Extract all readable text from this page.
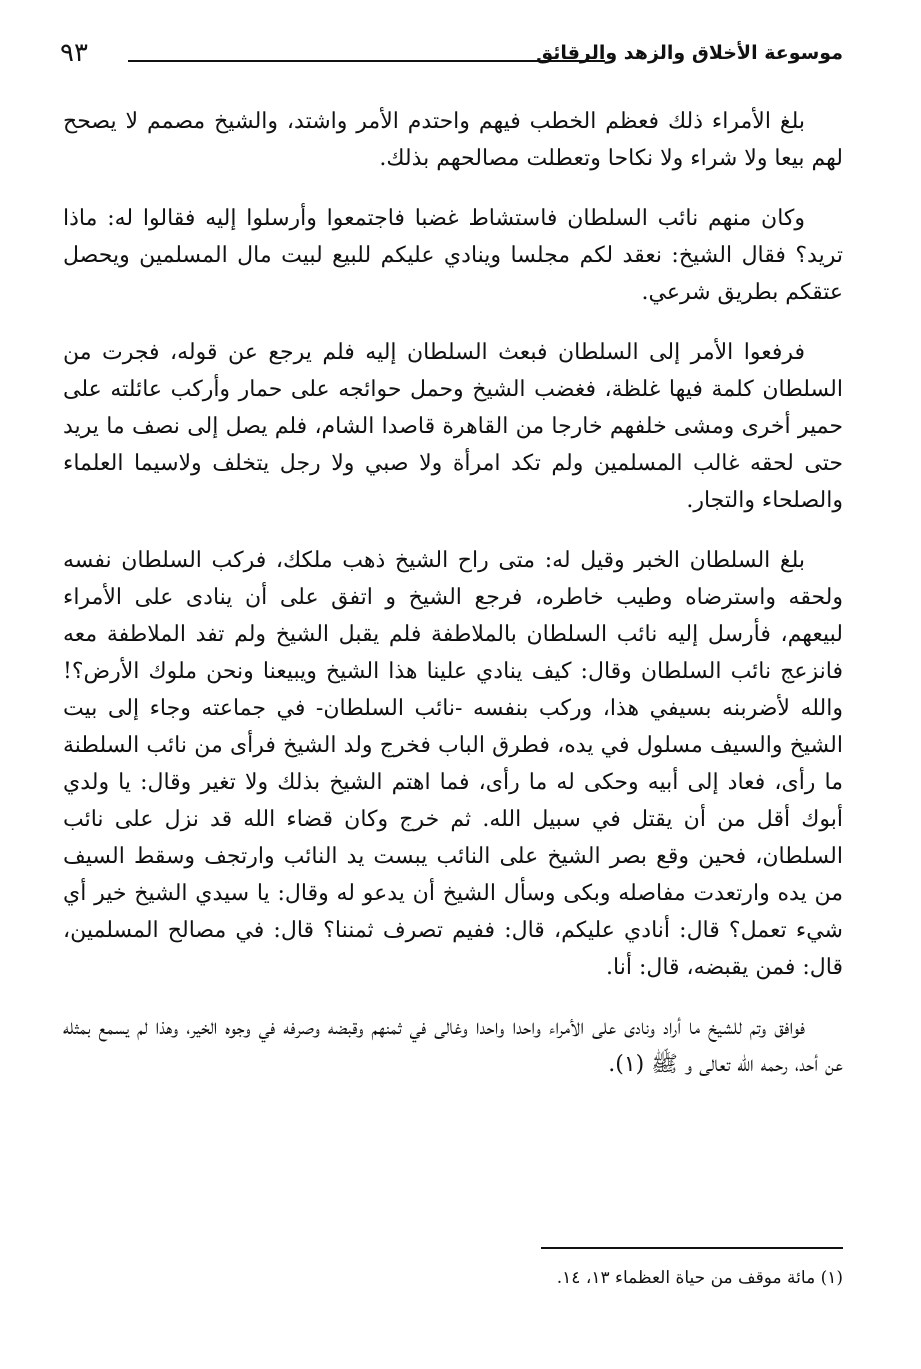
موسوعة الأخلاق والزهد والرقائق
٩٣

بلغ الأمراء ذلك فعظم الخطب فيهم واحتدم الأمر واشتد، والشيخ مصمم لا يصحح لهم بيعا ولا شراء ولا نكاحا وتعطلت مصالحهم بذلك.

وكان منهم نائب السلطان فاستشاط غضبا فاجتمعوا وأرسلوا إليه فقالوا له: ماذا تريد؟ فقال الشيخ: نعقد لكم مجلسا وينادي عليكم للبيع لبيت مال المسلمين ويحصل عتقكم بطريق شرعي.

فرفعوا الأمر إلى السلطان فبعث السلطان إليه فلم يرجع عن قوله، فجرت من السلطان كلمة فيها غلظة، فغضب الشيخ وحمل حوائجه على حمار وأركب عائلته على حمير أخرى ومشى خلفهم خارجا من القاهرة قاصدا الشام، فلم يصل إلى نصف ما يريد حتى لحقه غالب المسلمين ولم تكد امرأة ولا صبي ولا رجل يتخلف ولاسيما العلماء والصلحاء والتجار.

بلغ السلطان الخبر وقيل له: متى راح الشيخ ذهب ملكك، فركب السلطان نفسه ولحقه واسترضاه وطيب خاطره، فرجع الشيخ و اتفق على أن ينادى على الأمراء لبيعهم، فأرسل إليه نائب السلطان بالملاطفة فلم يقبل الشيخ ولم تفد الملاطفة معه فانزعج نائب السلطان وقال: كيف ينادي علينا هذا الشيخ ويبيعنا ونحن ملوك الأرض؟! والله لأضربنه بسيفي هذا، وركب بنفسه -نائب السلطان- في جماعته وجاء إلى بيت الشيخ والسيف مسلول في يده، فطرق الباب فخرج ولد الشيخ فرأى من نائب السلطنة ما رأى، فعاد إلى أبيه وحكى له ما رأى، فما اهتم الشيخ بذلك ولا تغير وقال: يا ولدي أبوك أقل من أن يقتل في سبيل الله. ثم خرج وكان قضاء الله قد نزل على نائب السلطان، فحين وقع بصر الشيخ على النائب يبست يد النائب وارتجف وسقط السيف من يده وارتعدت مفاصله وبكى وسأل الشيخ أن يدعو له وقال: يا سيدي الشيخ خير أي شيء تعمل؟ قال: أنادي عليكم، قال: ففيم تصرف ثمننا؟ قال: في مصالح المسلمين، قال: فمن يقبضه، قال: أنا.

فوافق وتم للشيخ ما أراد ونادى على الأمراء واحدا واحدا وغالى في ثمنهم وقبضه وصرفه في وجوه الخير، وهذا لم يسمع بمثله عن أحد، رحمه الله تعالى و ﷺ (١).

(١) مائة موقف من حياة العظماء ١٣، ١٤.
